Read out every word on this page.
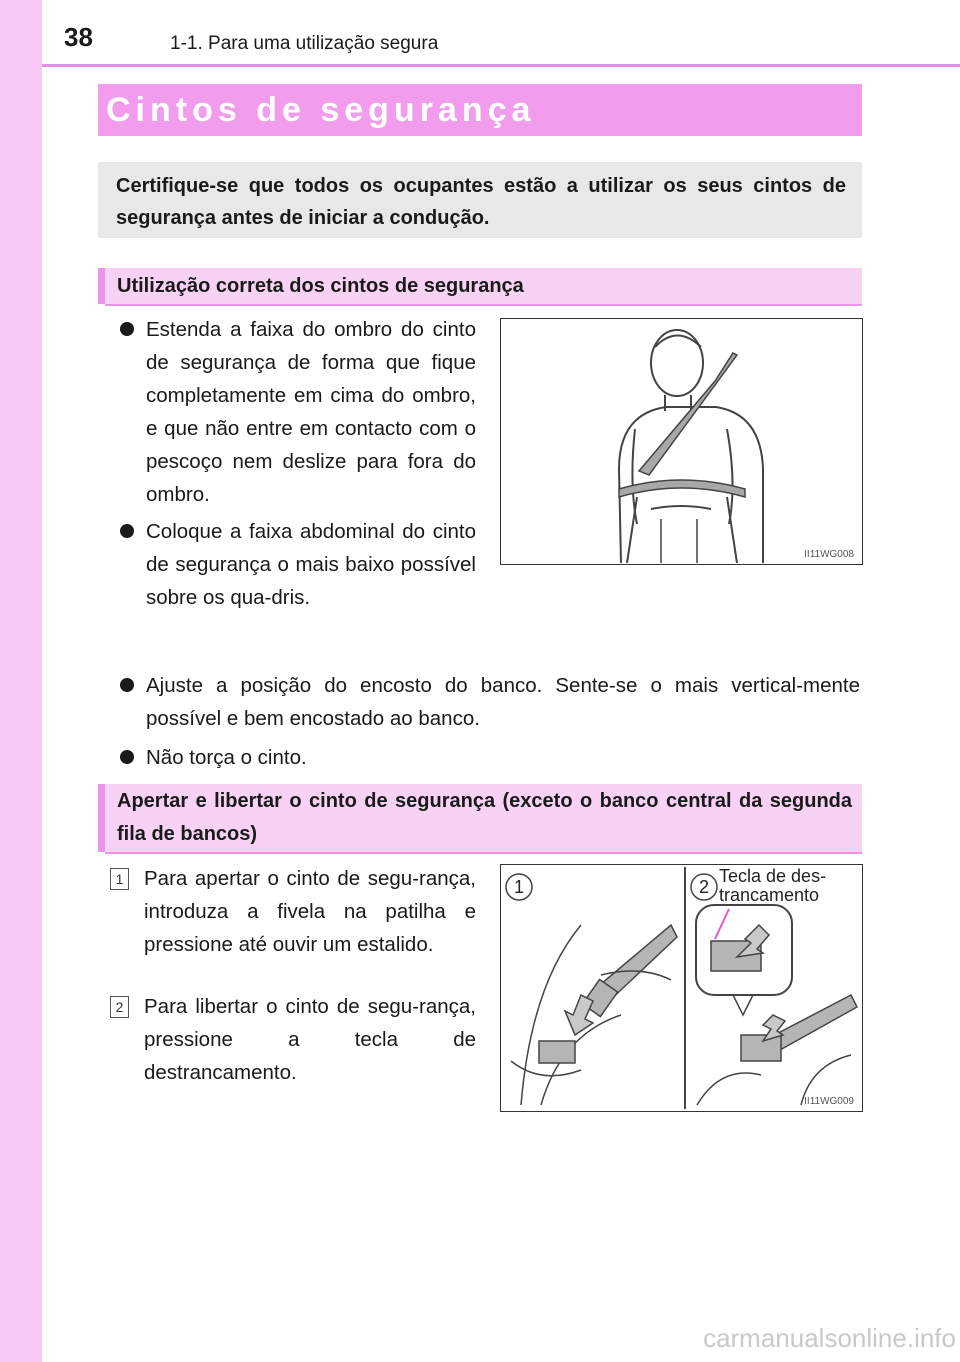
38	1-1. Para uma utilização segura
Cintos de segurança

Certifique-se que todos os ocupantes estão a utilizar os seus cintos de segurança antes de iniciar a condução.

Utilização correta dos cintos de segurança
Estenda a faixa do ombro do cinto de segurança de forma que fique completamente em cima do ombro, e que não entre em contacto com o pescoço nem deslize para fora do ombro.
Coloque a faixa abdominal do cinto de segurança o mais baixo possível sobre os qua-dris.
II11WG008
Ajuste a posição do encosto do banco. Sente-se o mais vertical-mente possível e bem encostado ao banco.
Não torça o cinto.
Apertar e libertar o cinto de segurança (exceto o banco central da segunda fila de bancos)
1 Para apertar o cinto de segu-rança, introduza a fivela na patilha e pressione até ouvir um estalido.

2 Para libertar o cinto de segu-rança, pressione a tecla de destrancamento.

1	2
Tecla de des-
trancamento
II11WG009
carmanualsonline.info
